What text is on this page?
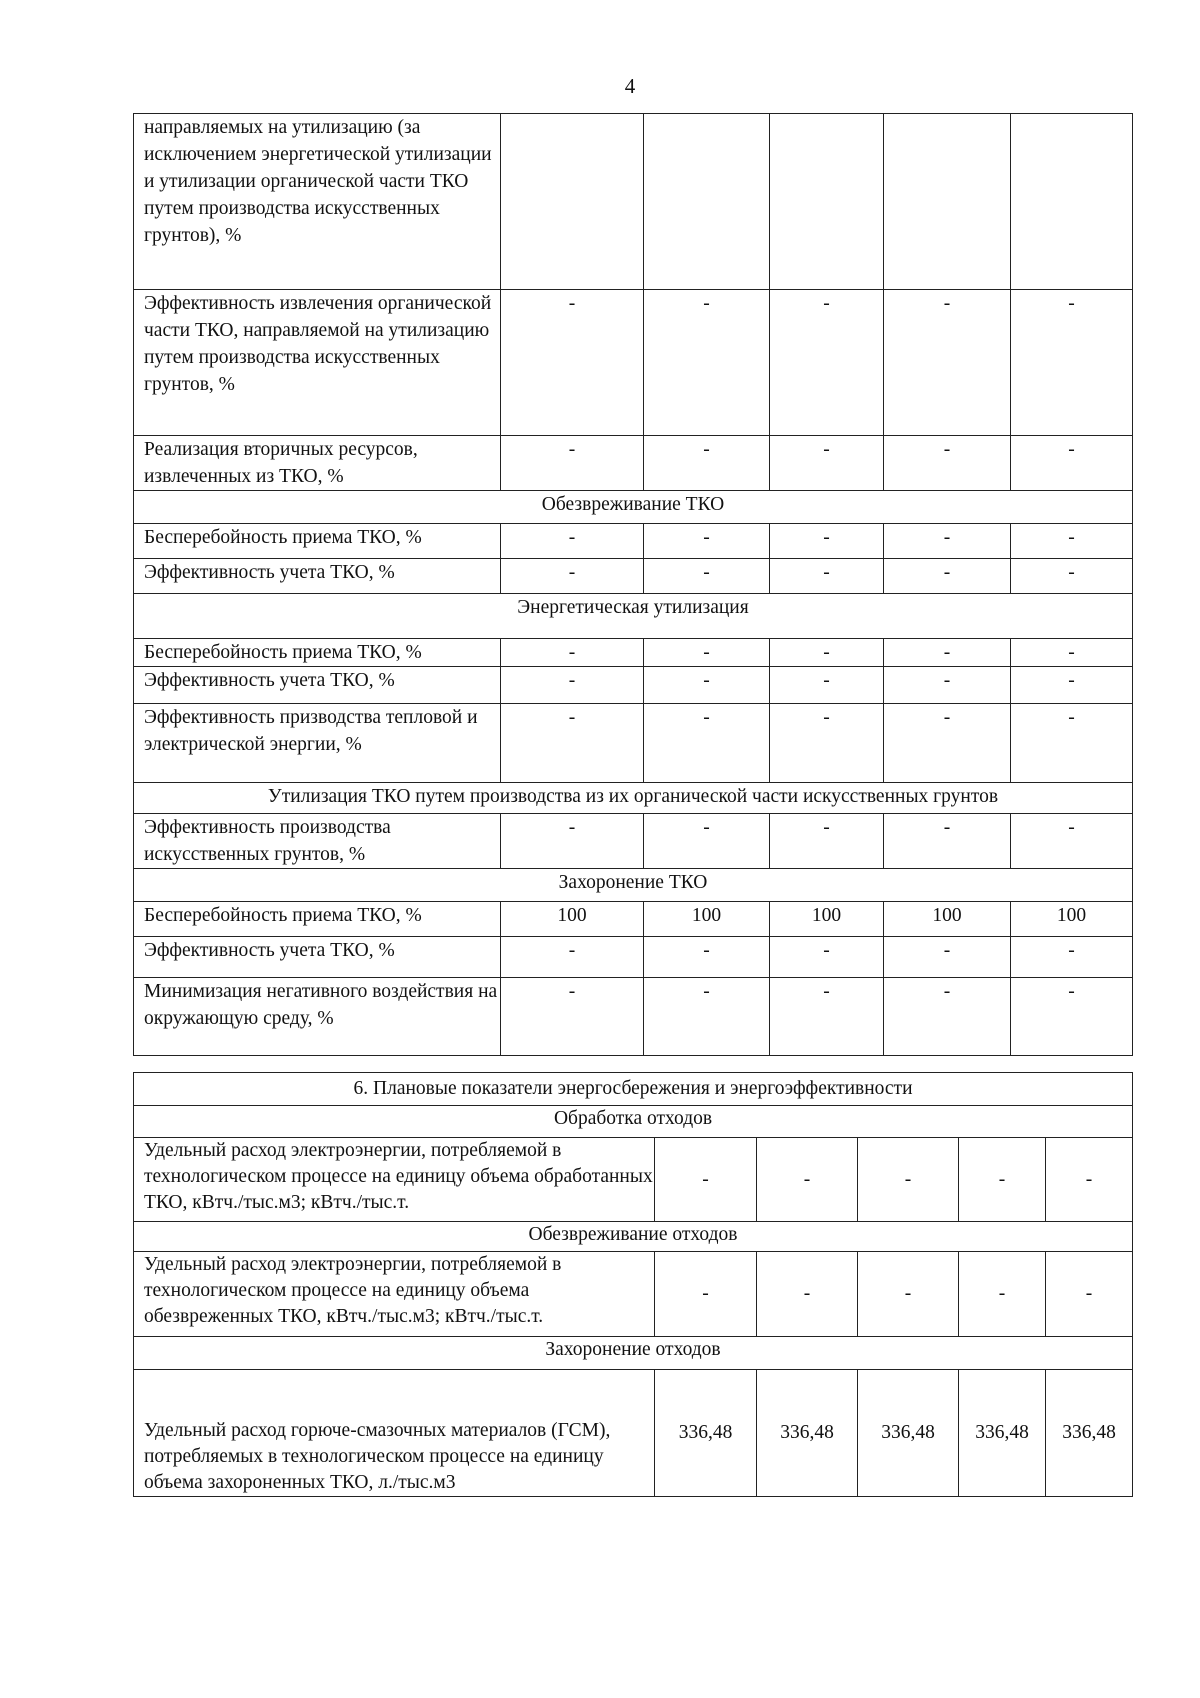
4
направляемых на утилизацию (за исключением энергетической утилизации и утилизации органической части ТКО путем производства искусственных грунтов), %					
Эффективность извлечения органической части ТКО, направляемой на утилизацию путем производства искусственных грунтов, %	-	-	-	-	-
Реализация вторичных ресурсов, извлеченных из ТКО, %	-	-	-	-	-
Обезвреживание ТКО					
Бесперебойность приема ТКО, %	-	-	-	-	-
Эффективность учета ТКО, %	-	-	-	-	-
Энергетическая утилизация					
Бесперебойность приема ТКО, %	-	-	-	-	-
Эффективность учета ТКО, %	-	-	-	-	-
Эффективность призводства тепловой и электрической энергии, %	-	-	-	-	-
Утилизация ТКО путем производства из их органической части искусственных грунтов					
Эффективность производства искусственных грунтов, %	-	-	-	-	-
Захоронение ТКО					
Бесперебойность приема ТКО, %	100	100	100	100	100
Эффективность учета ТКО, %	-	-	-	-	-
Минимизация негативного воздействия на окружающую среду, %	-	-	-	-	-
6. Плановые показатели энергосбережения и энергоэффективности					
Обработка отходов					
Удельный расход электроэнергии, потребляемой в технологическом процессе на единицу объема обработанных ТКО, кВтч./тыс.м3; кВтч./тыс.т.	-	-	-	-	-
Обезвреживание отходов					
Удельный расход электроэнергии, потребляемой в технологическом процессе на единицу объема обезвреженных ТКО, кВтч./тыс.м3; кВтч./тыс.т.	-	-	-	-	-
Захоронение отходов					
Удельный расход горюче-смазочных материалов (ГСМ), потребляемых в технологическом процессе на единицу объема захороненных ТКО, л./тыс.м3	336,48	336,48	336,48	336,48	336,48
